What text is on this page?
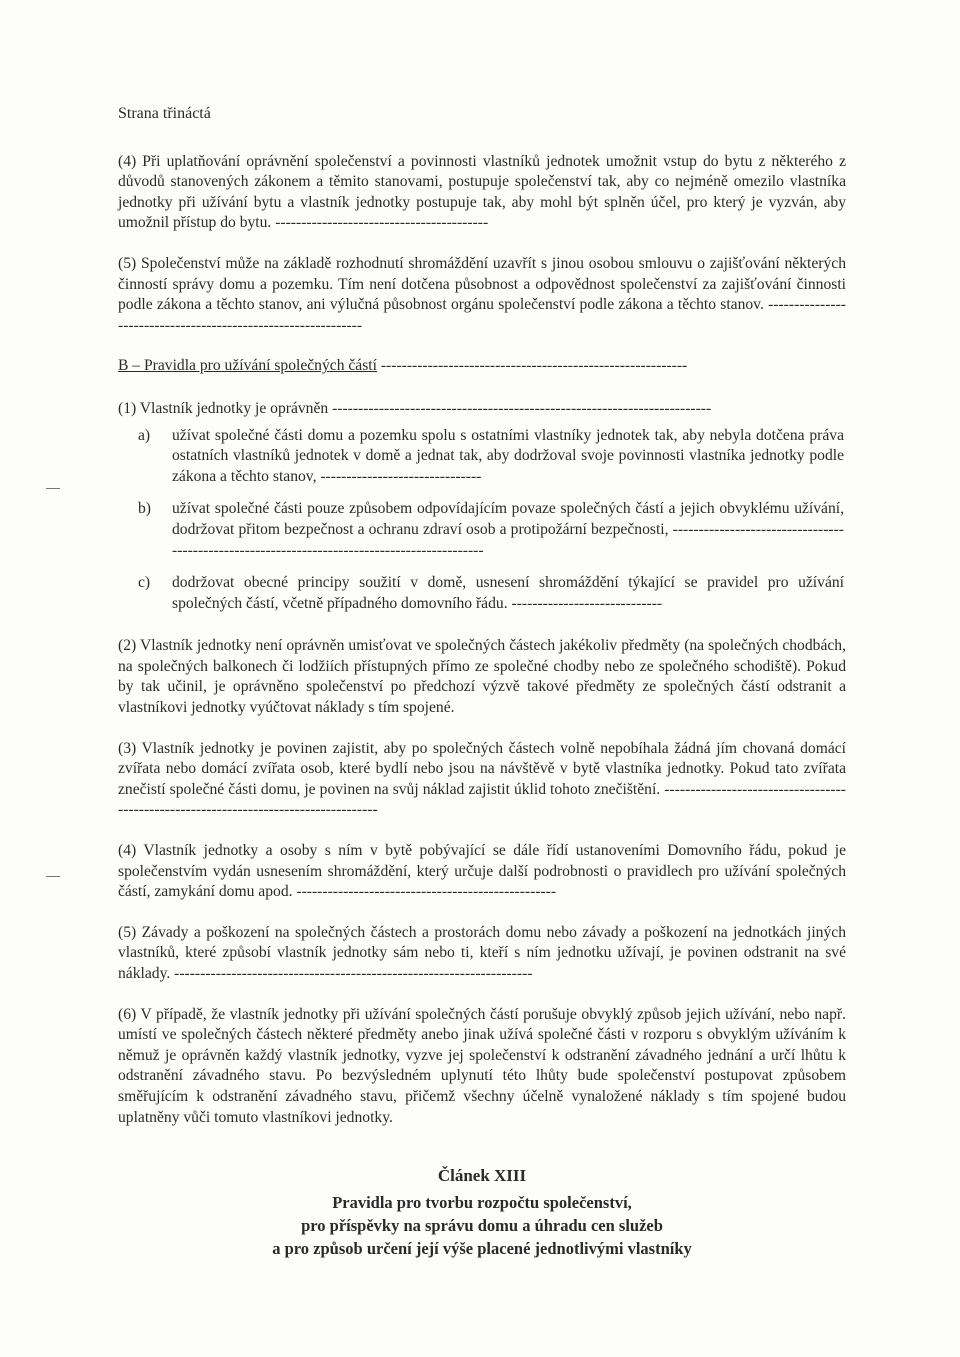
Strana třináctá

(4) Při uplatňování oprávnění společenství a povinnosti vlastníků jednotek umožnit vstup do bytu z některého z důvodů stanovených zákonem a těmito stanovami, postupuje společenství tak, aby co nejméně omezilo vlastníka jednotky při užívání bytu a vlastník jednotky postupuje tak, aby mohl být splněn účel, pro který je vyzván, aby umožnil přístup do bytu. -----------------------------------------

(5) Společenství může na základě rozhodnutí shromáždění uzavřít s jinou osobou smlouvu o zajišťování některých činností správy domu a pozemku. Tím není dotčena působnost a odpovědnost společenství za zajišťování činnosti podle zákona a těchto stanov, ani výlučná působnost orgánu společenství podle zákona a těchto stanov. --------------------------------------------------------------

B – Pravidla pro užívání společných částí -----------------------------------------------------------
(1) Vlastník jednotky je oprávněn -------------------------------------------------------------------------
a)	užívat společné části domu a pozemku spolu s ostatními vlastníky jednotek tak, aby nebyla dotčena práva ostatních vlastníků jednotek v domě a jednat tak, aby dodržoval svoje povinnosti vlastníka jednotky podle zákona a těchto stanov, -------------------------------
b)	užívat společné části pouze způsobem odpovídajícím povaze společných částí a jejich obvyklému užívání, dodržovat přitom bezpečnost a ochranu zdraví osob a protipožární bezpečnosti, ---------------------------------------------------------------------------------------------
c)	dodržovat obecné principy soužití v domě, usnesení shromáždění týkající se pravidel pro užívání společných částí, včetně případného domovního řádu. -----------------------------

(2) Vlastník jednotky není oprávněn umisťovat ve společných částech jakékoliv předměty (na společných chodbách, na společných balkonech či lodžiích přístupných přímo ze společné chodby nebo ze společného schodiště). Pokud by tak učinil, je oprávněno společenství po předchozí výzvě takové předměty ze společných částí odstranit a vlastníkovi jednotky vyúčtovat náklady s tím spojené.

(3) Vlastník jednotky je povinen zajistit, aby po společných částech volně nepobíhala žádná jím chovaná domácí zvířata nebo domácí zvířata osob, které bydlí nebo jsou na návštěvě v bytě vlastníka jednotky. Pokud tato zvířata znečistí společné části domu, je povinen na svůj náklad zajistit úklid tohoto znečištění. -------------------------------------------------------------------------------------

(4) Vlastník jednotky a osoby s ním v bytě pobývající se dále řídí ustanoveními Domovního řádu, pokud je společenstvím vydán usnesením shromáždění, který určuje další podrobnosti o pravidlech pro užívání společných částí, zamykání domu apod. --------------------------------------------------

(5) Závady a poškození na společných částech a prostorách domu nebo závady a poškození na jednotkách jiných vlastníků, které způsobí vlastník jednotky sám nebo ti, kteří s ním jednotku užívají, je povinen odstranit na své náklady. ---------------------------------------------------------------------

(6) V případě, že vlastník jednotky při užívání společných částí porušuje obvyklý způsob jejich užívání, nebo např. umístí ve společných částech některé předměty anebo jinak užívá společné části v rozporu s obvyklým užíváním k němuž je oprávněn každý vlastník jednotky, vyzve jej společenství k odstranění závadného jednání a určí lhůtu k odstranění závadného stavu. Po bezvýsledném uplynutí této lhůty bude společenství postupovat způsobem směřujícím k odstranění závadného stavu, přičemž všechny účelně vynaložené náklady s tím spojené budou uplatněny vůči tomuto vlastníkovi jednotky.

Článek XIII
Pravidla pro tvorbu rozpočtu společenství,
pro příspěvky na správu domu a úhradu cen služeb
a pro způsob určení její výše placené jednotlivými vlastníky
